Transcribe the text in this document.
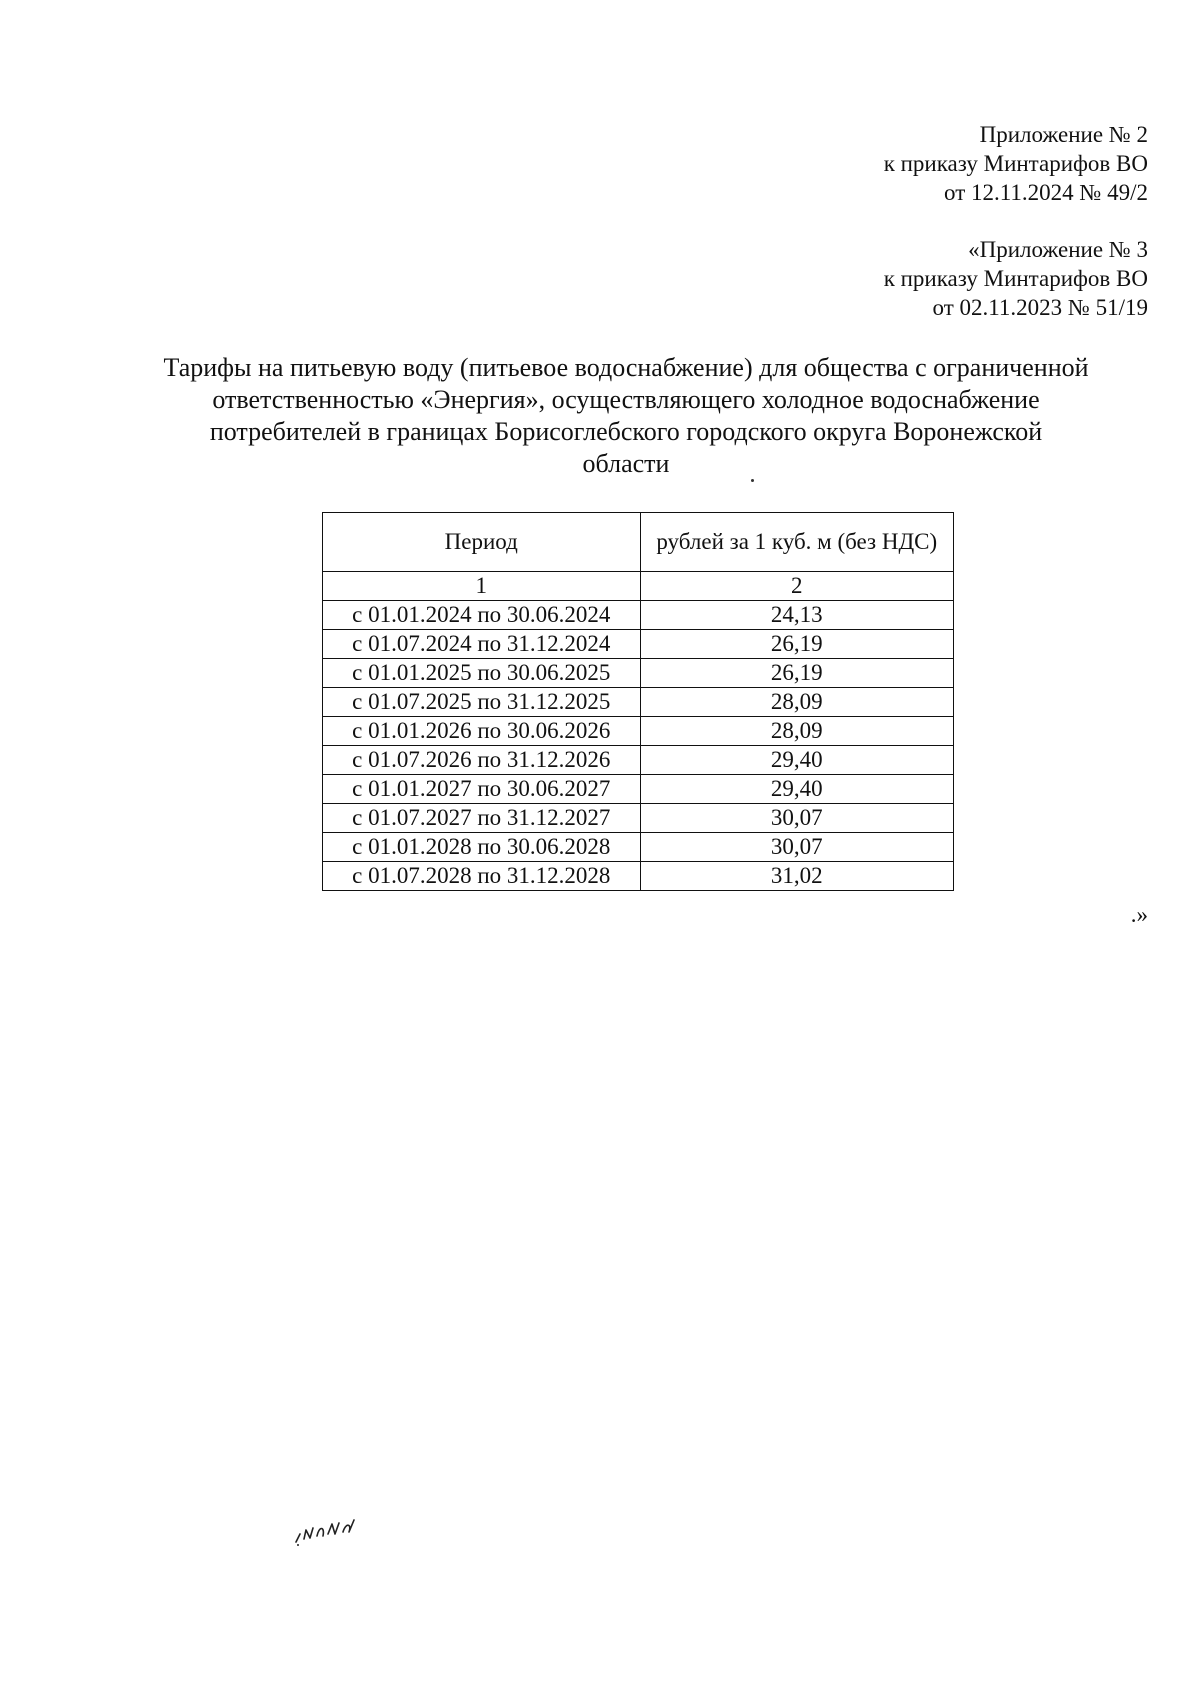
Приложение № 2
к приказу Минтарифов ВО
от 12.11.2024 № 49/2
«Приложение № 3
к приказу Минтарифов ВО
от 02.11.2023 № 51/19
Тарифы на питьевую воду (питьевое водоснабжение) для общества с ограниченной
ответственностью «Энергия», осуществляющего холодное водоснабжение
потребителей в границах Борисоглебского городского округа Воронежской
области
Период	рублей за 1 куб. м (без НДС)
1	2
с 01.01.2024 по 30.06.2024	24,13
с 01.07.2024 по 31.12.2024	26,19
с 01.01.2025 по 30.06.2025	26,19
с 01.07.2025 по 31.12.2025	28,09
с 01.01.2026 по 30.06.2026	28,09
с 01.07.2026 по 31.12.2026	29,40
с 01.01.2027 по 30.06.2027	29,40
с 01.07.2027 по 31.12.2027	30,07
с 01.01.2028 по 30.06.2028	30,07
с 01.07.2028 по 31.12.2028	31,02
.»
